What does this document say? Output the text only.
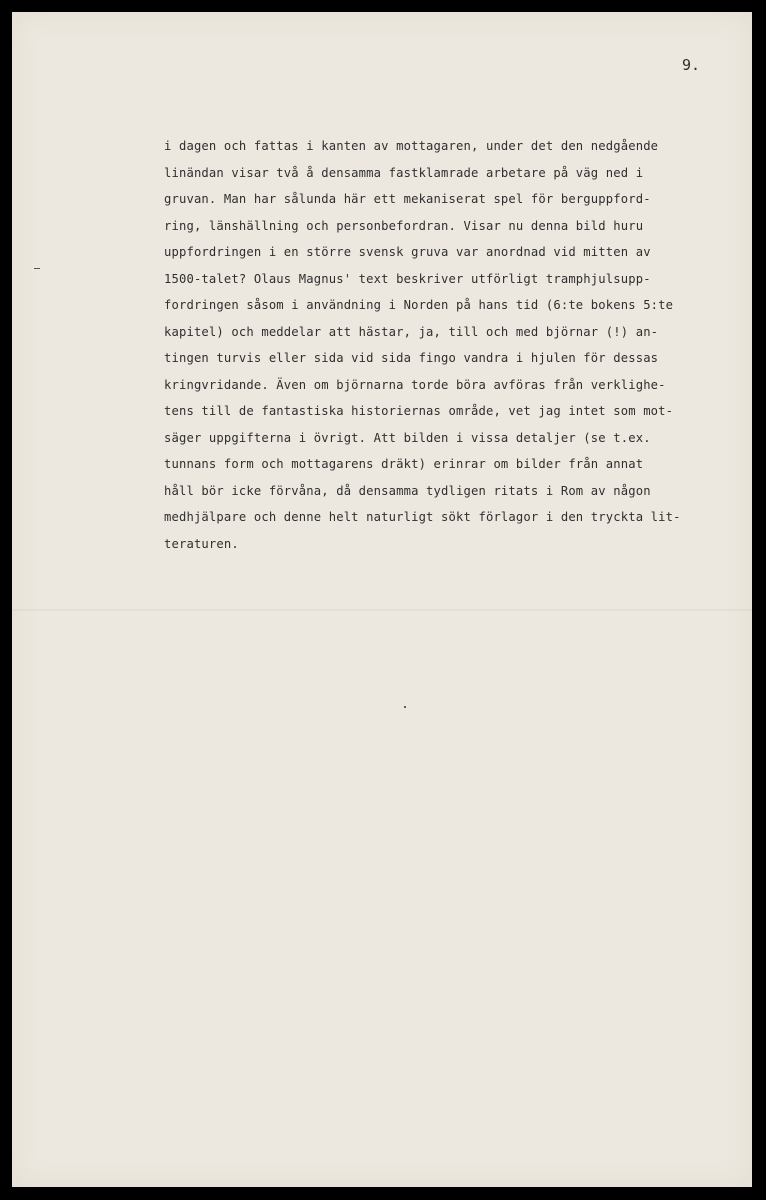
9.
i dagen och fattas i kanten av mottagaren, under det den nedgående
linändan visar två å densamma fastklamrade arbetare på väg ned i
gruvan. Man har sålunda här ett mekaniserat spel för berguppford-
ring, länshällning och personbefordran. Visar nu denna bild huru
uppfordringen i en större svensk gruva var anordnad vid mitten av
1500-talet? Olaus Magnus' text beskriver utförligt tramphjulsupp-
fordringen såsom i användning i Norden på hans tid (6:te bokens 5:te
kapitel) och meddelar att hästar, ja, till och med björnar (!) an-
tingen turvis eller sida vid sida fingo vandra i hjulen för dessas
kringvridande. Även om björnarna torde böra avföras från verklighe-
tens till de fantastiska historiernas område, vet jag intet som mot-
säger uppgifterna i övrigt. Att bilden i vissa detaljer (se t.ex.
tunnans form och mottagarens dräkt) erinrar om bilder från annat
håll bör icke förvåna, då densamma tydligen ritats i Rom av någon
medhjälpare och denne helt naturligt sökt förlagor i den tryckta lit-
teraturen.
